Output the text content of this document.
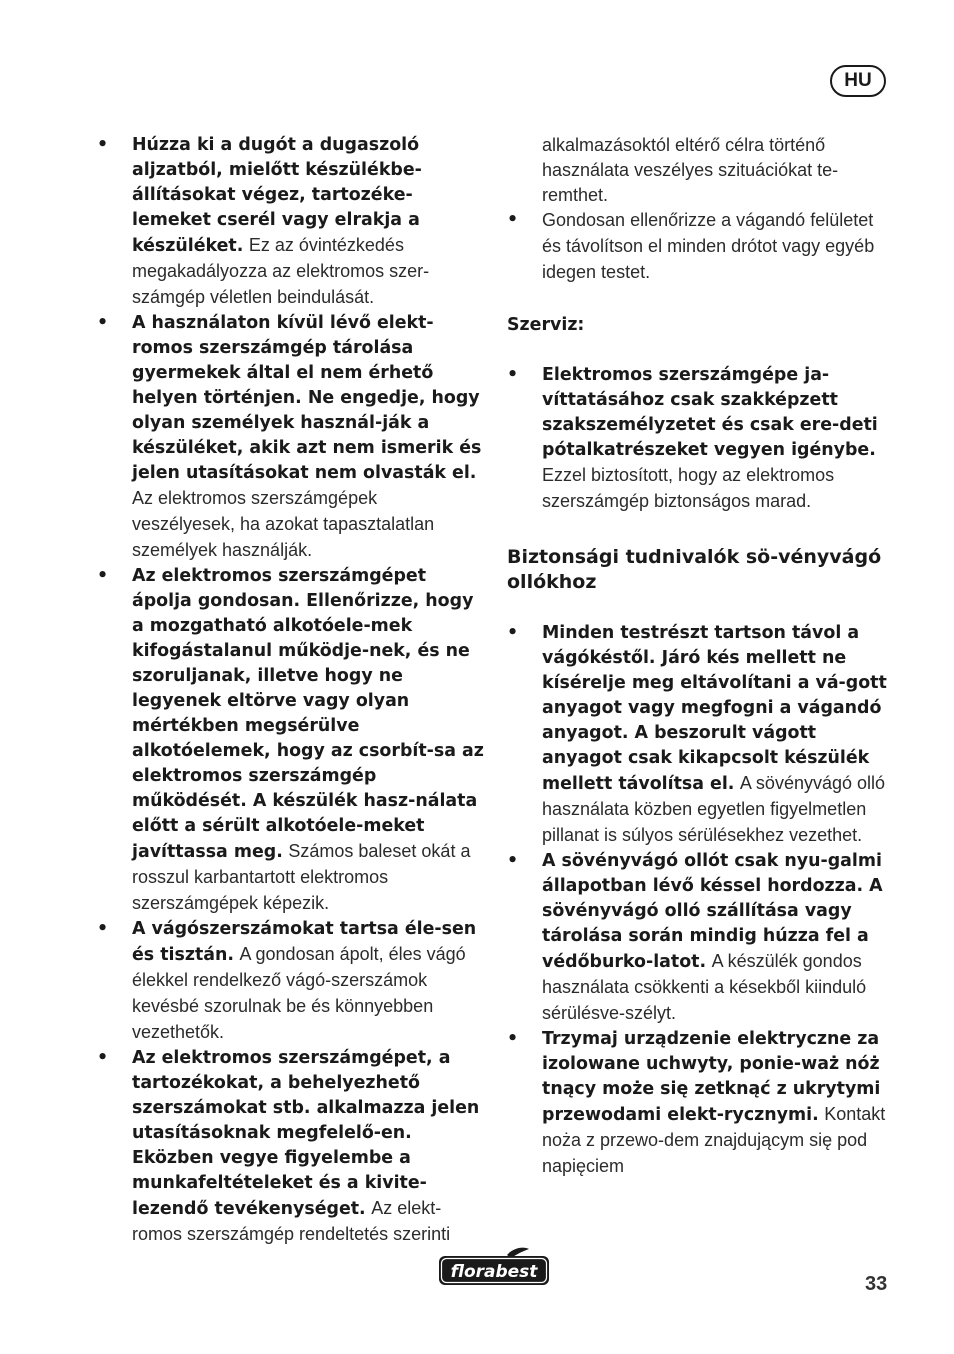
HU
• Húzza ki a dugót a dugaszoló aljzatból, mielőtt készülékbe-állításokat végez, tartozéke-lemeket cserél vagy elrakja a készüléket. Ez az óvintézkedés megakadályozza az elektromos szer-számgép véletlen beindulását.
• A használaton kívül lévő elekt-romos szerszámgép tárolása gyermekek által el nem érhető helyen történjen. Ne engedje, hogy olyan személyek használ-ják a készüléket, akik azt nem ismerik és jelen utasításokat nem olvasták el. Az elektromos szerszámgépek veszélyesek, ha azokat tapasztalatlan személyek használják.
• Az elektromos szerszámgépet ápolja gondosan. Ellenőrizze, hogy a mozgatható alkotóele-mek kifogástalanul működje-nek, és ne szoruljanak, illetve hogy ne legyenek eltörve vagy olyan mértékben megsérülve alkotóelemek, hogy az csorbít-sa az elektromos szerszámgép működését. A készülék hasz-nálata előtt a sérült alkotóele-meket javíttassa meg. Számos baleset okát a rosszul karbantartott elektromos szerszámgépek képezik.
• A vágószerszámokat tartsa éle-sen és tisztán. A gondosan ápolt, éles vágó élekkel rendelkező vágó-szerszámok kevésbé szorulnak be és könnyebben vezethetők.
• Az elektromos szerszámgépet, a tartozékokat, a behelyezhető szerszámokat stb. alkalmazza jelen utasításoknak megfelelő-en. Eközben vegye figyelembe a munkafeltételeket és a kivite-lezendő tevékenységet. Az elekt-romos szerszámgép rendeltetés szerinti
alkalmazásoktól eltérő célra történő használata veszélyes szituációkat te-remthet.
• Gondosan ellenőrizze a vágandó felületet és távolítson el minden drótot vagy egyéb idegen testet.
Szerviz:
• Elektromos szerszámgépe ja-víttatásához csak szakképzett szakszemélyzetet és csak ere-deti pótalkatrészeket vegyen igénybe. Ezzel biztosított, hogy az elektromos szerszámgép biztonságos marad.
Biztonsági tudnivalók sö-vényvágó ollókhoz
• Minden testrészt tartson távol a vágókéstől. Járó kés mellett ne kísérelje meg eltávolítani a vá-gott anyagot vagy megfogni a vágandó anyagot. A beszorult vágott anyagot csak kikapcsolt készülék mellett távolítsa el. A sövényvágó olló használata közben egyetlen figyelmetlen pillanat is súlyos sérülésekhez vezethet.
• A sövényvágó ollót csak nyu-galmi állapotban lévő késsel hordozza. A sövényvágó olló szállítása vagy tárolása során mindig húzza fel a védőburko-latot. A készülék gondos használata csökkenti a késekből kiinduló sérülésve-szélyt.
• Trzymaj urządzenie elektryczne za izolowane uchwyty, ponie-waż nóż tnący może się zetknąć z ukrytymi przewodami elekt-rycznymi. Kontakt noża z przewo-dem znajdującym się pod napięciem
florabest
33
